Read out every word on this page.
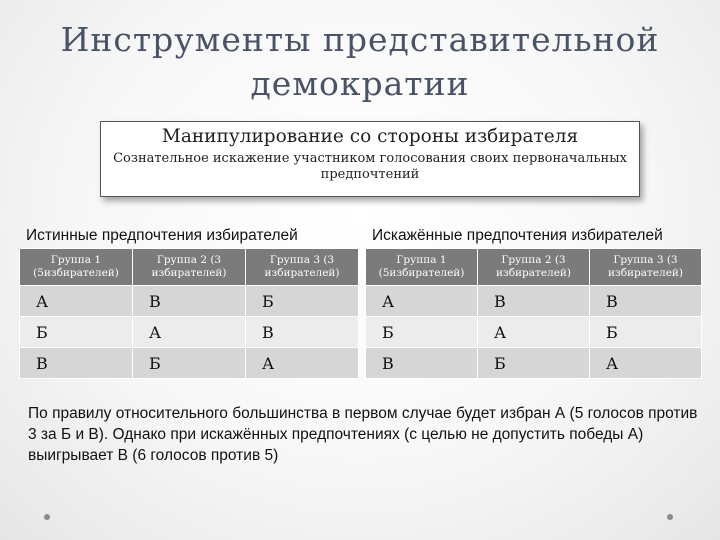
Инструменты представительной демократии
Манипулирование со стороны избирателя
Сознательное искажение участником голосования своих первоначальных предпочтений
Истинные предпочтения избирателей	Искажённые предпочтения избирателей
Группа 1 (5избирателей)	Группа 2 (3 избирателей)	Группа 3 (3 избирателей)
А	В	Б
Б	А	В
В	Б	А
Группа 1 (5избирателей)	Группа 2 (3 избирателей)	Группа 3 (3 избирателей)
А	В	В
Б	А	Б
В	Б	А
По правилу относительного большинства в первом случае будет избран А (5 голосов против 3 за Б и В). Однако при искажённых предпочтениях (с целью не допустить победы А) выигрывает В (6 голосов против 5)
